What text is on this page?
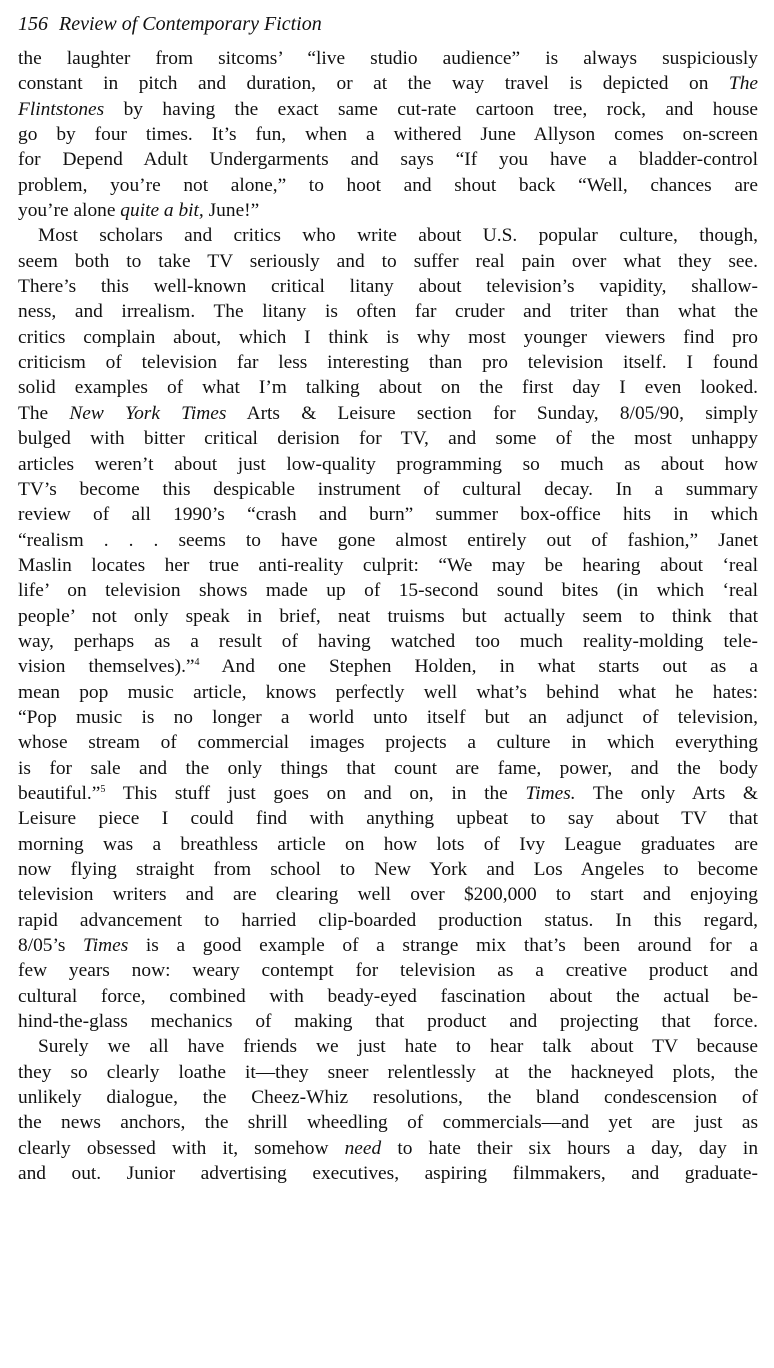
156 Review of Contemporary Fiction
the laughter from sitcoms’ “live studio audience” is always suspiciously
constant in pitch and duration, or at the way travel is depicted on The
Flintstones by having the exact same cut-rate cartoon tree, rock, and house
go by four times. It’s fun, when a withered June Allyson comes on-screen
for Depend Adult Undergarments and says “If you have a bladder-control
problem, you’re not alone,” to hoot and shout back “Well, chances are
you’re alone quite a bit, June!”
Most scholars and critics who write about U.S. popular culture, though,
seem both to take TV seriously and to suffer real pain over what they see.
There’s this well-known critical litany about television’s vapidity, shallow-
ness, and irrealism. The litany is often far cruder and triter than what the
critics complain about, which I think is why most younger viewers find pro
criticism of television far less interesting than pro television itself. I found
solid examples of what I’m talking about on the first day I even looked.
The New York Times Arts & Leisure section for Sunday, 8/05/90, simply
bulged with bitter critical derision for TV, and some of the most unhappy
articles weren’t about just low-quality programming so much as about how
TV’s become this despicable instrument of cultural decay. In a summary
review of all 1990’s “crash and burn” summer box-office hits in which
“realism . . . seems to have gone almost entirely out of fashion,” Janet
Maslin locates her true anti-reality culprit: “We may be hearing about ‘real
life’ on television shows made up of 15-second sound bites (in which ‘real
people’ not only speak in brief, neat truisms but actually seem to think that
way, perhaps as a result of having watched too much reality-molding tele-
vision themselves).”$^4$ And one Stephen Holden, in what starts out as a
mean pop music article, knows perfectly well what’s behind what he hates:
“Pop music is no longer a world unto itself but an adjunct of television,
whose stream of commercial images projects a culture in which everything
is for sale and the only things that count are fame, power, and the body
beautiful.”$^5$ This stuff just goes on and on, in the Times. The only Arts &
Leisure piece I could find with anything upbeat to say about TV that
morning was a breathless article on how lots of Ivy League graduates are
now flying straight from school to New York and Los Angeles to become
television writers and are clearing well over $200,000 to start and enjoying
rapid advancement to harried clip-boarded production status. In this regard,
8/05’s Times is a good example of a strange mix that’s been around for a
few years now: weary contempt for television as a creative product and
cultural force, combined with beady-eyed fascination about the actual be-
hind-the-glass mechanics of making that product and projecting that force.
Surely we all have friends we just hate to hear talk about TV because
they so clearly loathe it—they sneer relentlessly at the hackneyed plots, the
unlikely dialogue, the Cheez-Whiz resolutions, the bland condescension of
the news anchors, the shrill wheedling of commercials—and yet are just as
clearly obsessed with it, somehow need to hate their six hours a day, day in
and out. Junior advertising executives, aspiring filmmakers, and graduate-
